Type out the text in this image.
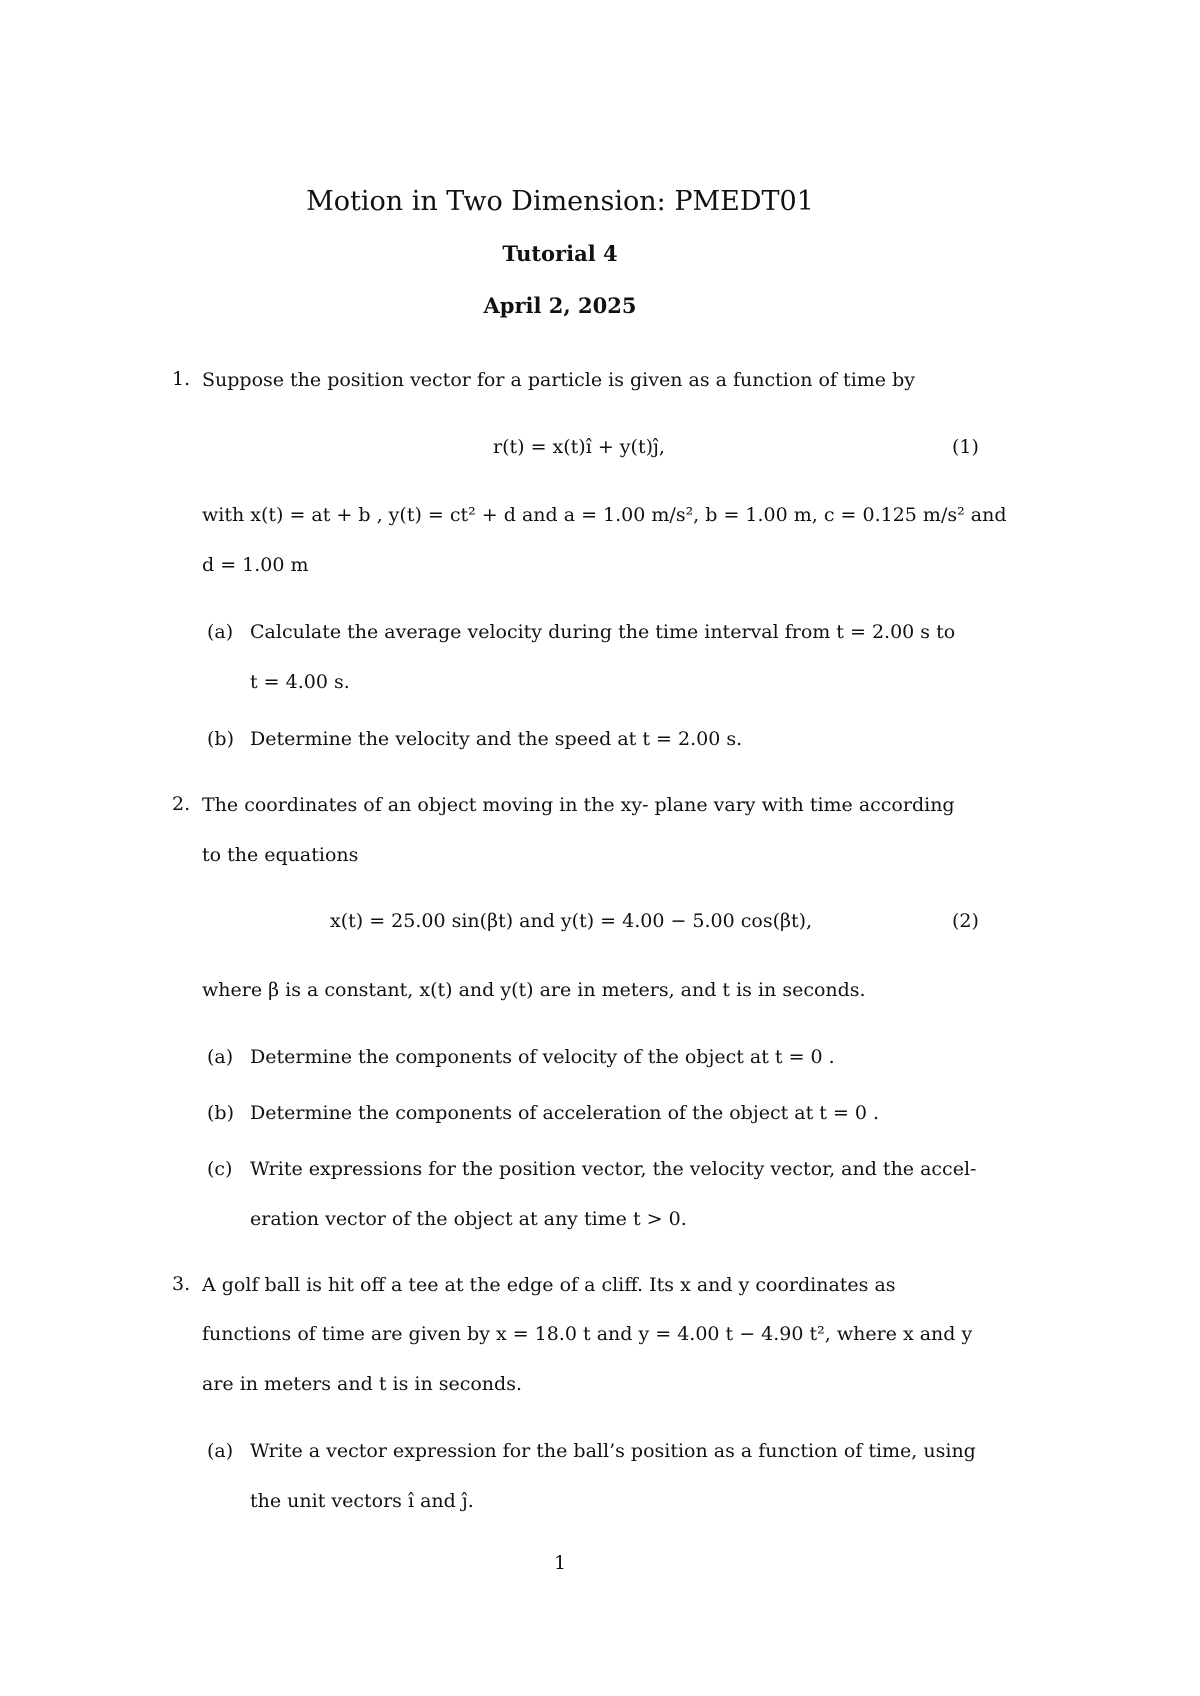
Motion in Two Dimension: PMEDT01
Tutorial 4
April 2, 2025
1. Suppose the position vector for a particle is given as a function of time by
r(t) = x(t)î + y(t)ĵ,	(1)
with x(t) = at + b , y(t) = ct² + d and a = 1.00 m/s², b = 1.00 m, c = 0.125 m/s² and
d = 1.00 m
(a) Calculate the average velocity during the time interval from t = 2.00 s to
t = 4.00 s.
(b) Determine the velocity and the speed at t = 2.00 s.
2. The coordinates of an object moving in the xy- plane vary with time according
to the equations
x(t) = 25.00 sin(βt) and y(t) = 4.00 − 5.00 cos(βt),	(2)
where β is a constant, x(t) and y(t) are in meters, and t is in seconds.
(a) Determine the components of velocity of the object at t = 0 .
(b) Determine the components of acceleration of the object at t = 0 .
(c) Write expressions for the position vector, the velocity vector, and the accel-
eration vector of the object at any time t > 0.
3. A golf ball is hit off a tee at the edge of a cliff. Its x and y coordinates as
functions of time are given by x = 18.0 t and y = 4.00 t − 4.90 t², where x and y
are in meters and t is in seconds.
(a) Write a vector expression for the ball’s position as a function of time, using
the unit vectors î and ĵ.
1
